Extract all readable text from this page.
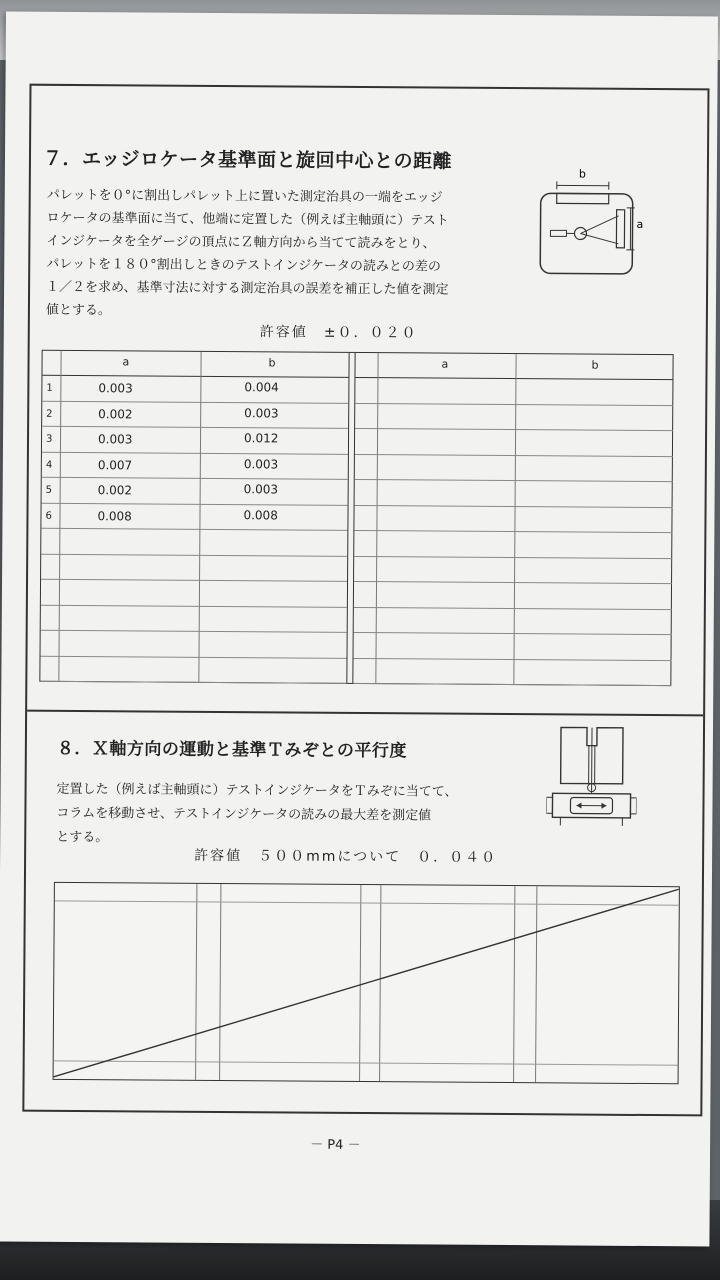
７．エッジロケータ基準面と旋回中心との距離
パレットを０°に割出しパレット上に置いた測定治具の一端をエッジ
ロケータの基準面に当て、他端に定置した（例えば主軸頭に）テスト
インジケータを全ゲージの頂点にＺ軸方向から当てて読みをとり、
パレットを１８０°割出しときのテストインジケータの読みとの差の
１／２を求め、基準寸法に対する測定治具の誤差を補正した値を測定
値とする。
許容値　±０．０２０
b
a
a	b
1	0.003	0.004
2	0.002	0.003
3	0.003	0.012
4	0.007	0.003
5	0.002	0.003
6	0.008	0.008
a	b
８．Ｘ軸方向の運動と基準Ｔみぞとの平行度
定置した（例えば主軸頭に）テストインジケータをＴみぞに当てて、
コラムを移動させ、テストインジケータの読みの最大差を測定値
とする。
許容値　５００mmについて　０．０４０
－ P4 －
